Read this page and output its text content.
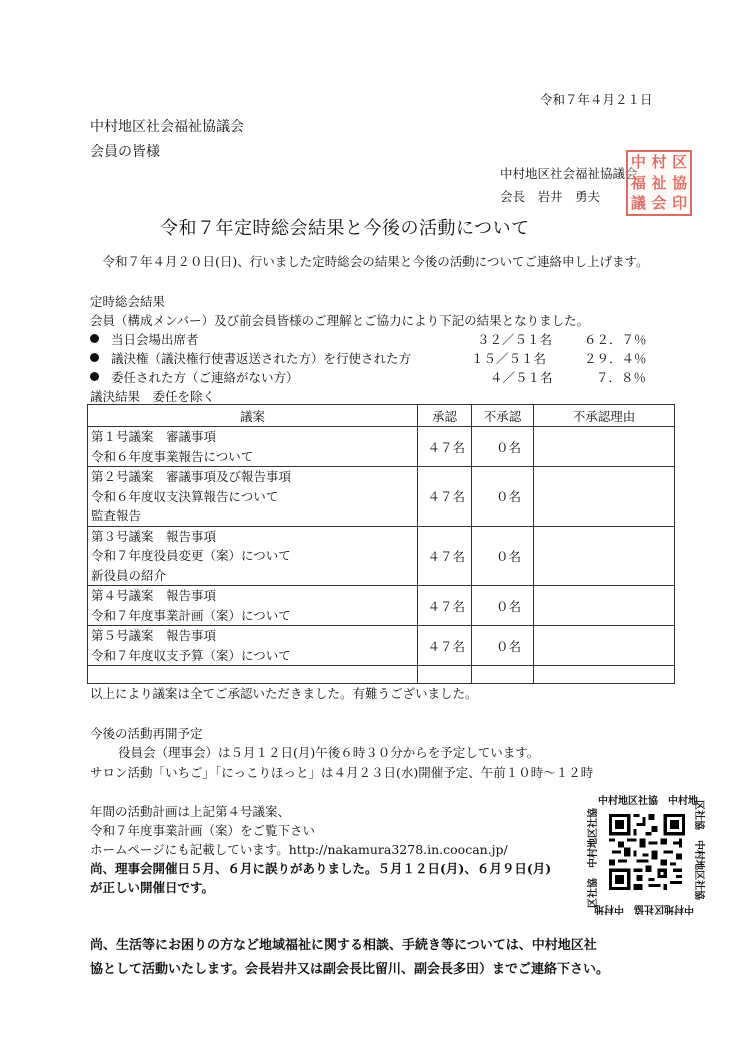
令和７年４月２１日
中村地区社会福祉協議会
会員の皆様
中村地区社会福祉協議会
会長　岩井　勇夫
中 村 区
福 祉 協
議 会 印
令和７年定時総会結果と今後の活動について
令和７年４月２０日(日)、行いました定時総会の結果と今後の活動についてご連絡申し上げます。
定時総会結果
会員（構成メンバー）及び前会員皆様のご理解とご協力により下記の結果となりました。
当日会場出席者	３２／５１名	６２．７％
議決権（議決権行使書返送された方）を行使された方	１５／５１名	２９．４％
委任された方（ご連絡がない方）	４／５１名	７．８％
議決結果　委任を除く
議案	承認	不承認	不承認理由

第１号議案　審議事項
令和６年度事業報告について	４７名	０名	

第２号議案　審議事項及び報告事項
令和６年度収支決算報告について
監査報告	４７名	０名	

第３号議案　報告事項
令和７年度役員変更（案）について
新役員の紹介	４７名	０名	

第４号議案　報告事項
令和７年度事業計画（案）について	４７名	０名	

第５号議案　報告事項
令和７年度収支予算（案）について	４７名	０名	

以上により議案は全てご承認いただきました。有難うございました。
今後の活動再開予定
役員会（理事会）は５月１２日(月)午後６時３０分からを予定しています。
サロン活動「いちご」「にっこりほっと」は４月２３日(水)開催予定、午前１０時～１２時
年間の活動計画は上記第４号議案、
令和７年度事業計画（案）をご覧下さい
ホームページにも記載しています。http://nakamura3278.in.coocan.jp/
尚、理事会開催日５月、６月に誤りがありました。５月１２日(月)、６月９日(月)
が正しい開催日です。
中村地区社協　中村地
区社協　中村地区社協
中村地区社協　中村地
区社協　中村地区社協
尚、生活等にお困りの方など地域福祉に関する相談、手続き等については、中村地区社
協として活動いたします。会長岩井又は副会長比留川、副会長多田）までご連絡下さい。
